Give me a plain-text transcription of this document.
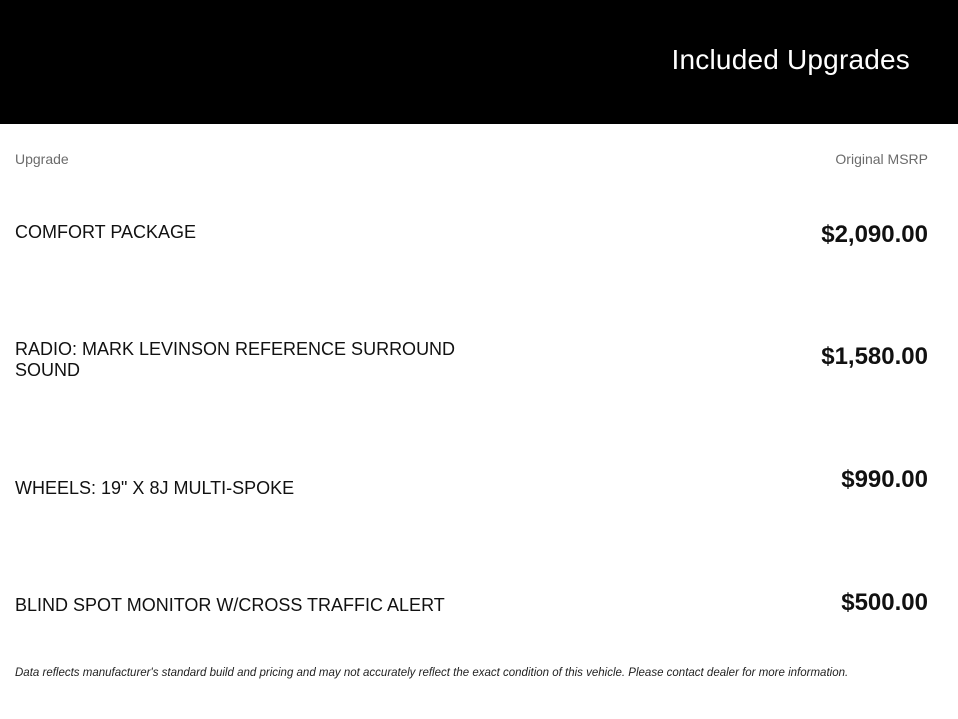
Included Upgrades
Upgrade	Original MSRP
COMFORT PACKAGE	$2,090.00
RADIO: MARK LEVINSON REFERENCE SURROUND SOUND	$1,580.00
WHEELS: 19" X 8J MULTI-SPOKE	$990.00
BLIND SPOT MONITOR W/CROSS TRAFFIC ALERT	$500.00
Data reflects manufacturer's standard build and pricing and may not accurately reflect the exact condition of this vehicle. Please contact dealer for more information.
